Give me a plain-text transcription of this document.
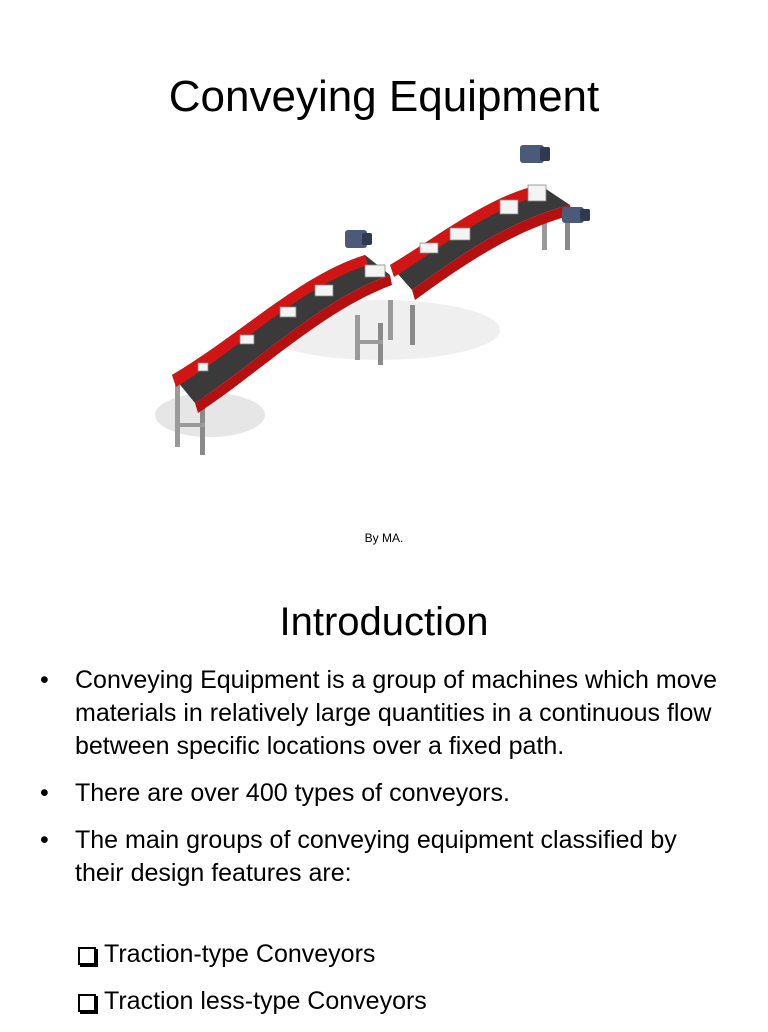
Conveying Equipment
By MA.
Introduction
•	Conveying Equipment is a group of machines which move materials in relatively large quantities in a continuous flow between specific locations over a fixed path.
•	There are over 400 types of conveyors.
•	The main groups of conveying equipment classified by their design features are:
Traction-type Conveyors
Traction less-type Conveyors
